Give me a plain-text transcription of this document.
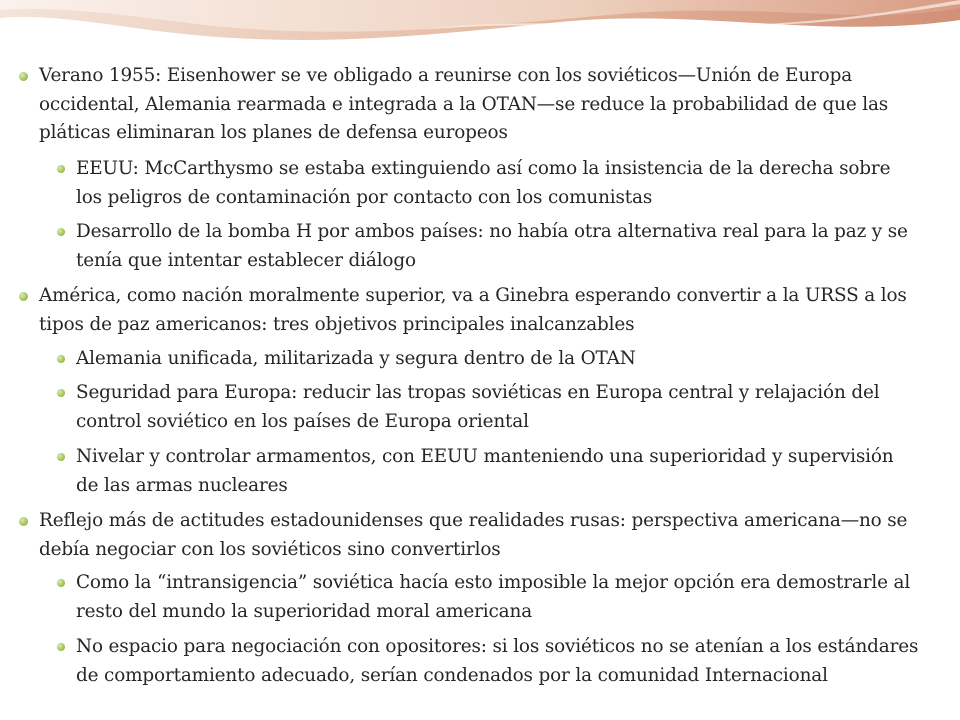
Verano 1955: Eisenhower se ve obligado a reunirse con los soviéticos—Unión de Europa occidental, Alemania rearmada e integrada a la OTAN—se reduce la probabilidad de que las pláticas eliminaran los planes de defensa europeos
EEUU: McCarthysmo se estaba extinguiendo así como la insistencia de la derecha sobre los peligros de contaminación por contacto con los comunistas
Desarrollo de la bomba H por ambos países: no había otra alternativa real para la paz y se tenía que intentar establecer diálogo
América, como nación moralmente superior, va a Ginebra esperando convertir a la URSS a los tipos de paz americanos: tres objetivos principales inalcanzables
Alemania unificada, militarizada y segura dentro de la OTAN
Seguridad para Europa: reducir las tropas soviéticas en Europa central y relajación del control soviético en los países de Europa oriental
Nivelar y controlar armamentos, con EEUU manteniendo una superioridad y supervisión de las armas nucleares
Reflejo más de actitudes estadounidenses que realidades rusas: perspectiva americana—no se debía negociar con los soviéticos sino convertirlos
Como la “intransigencia” soviética hacía esto imposible la mejor opción era demostrarle al resto del mundo la superioridad moral americana
No espacio para negociación con opositores: si los soviéticos no se atenían a los estándares de comportamiento adecuado, serían condenados por la comunidad Internacional
